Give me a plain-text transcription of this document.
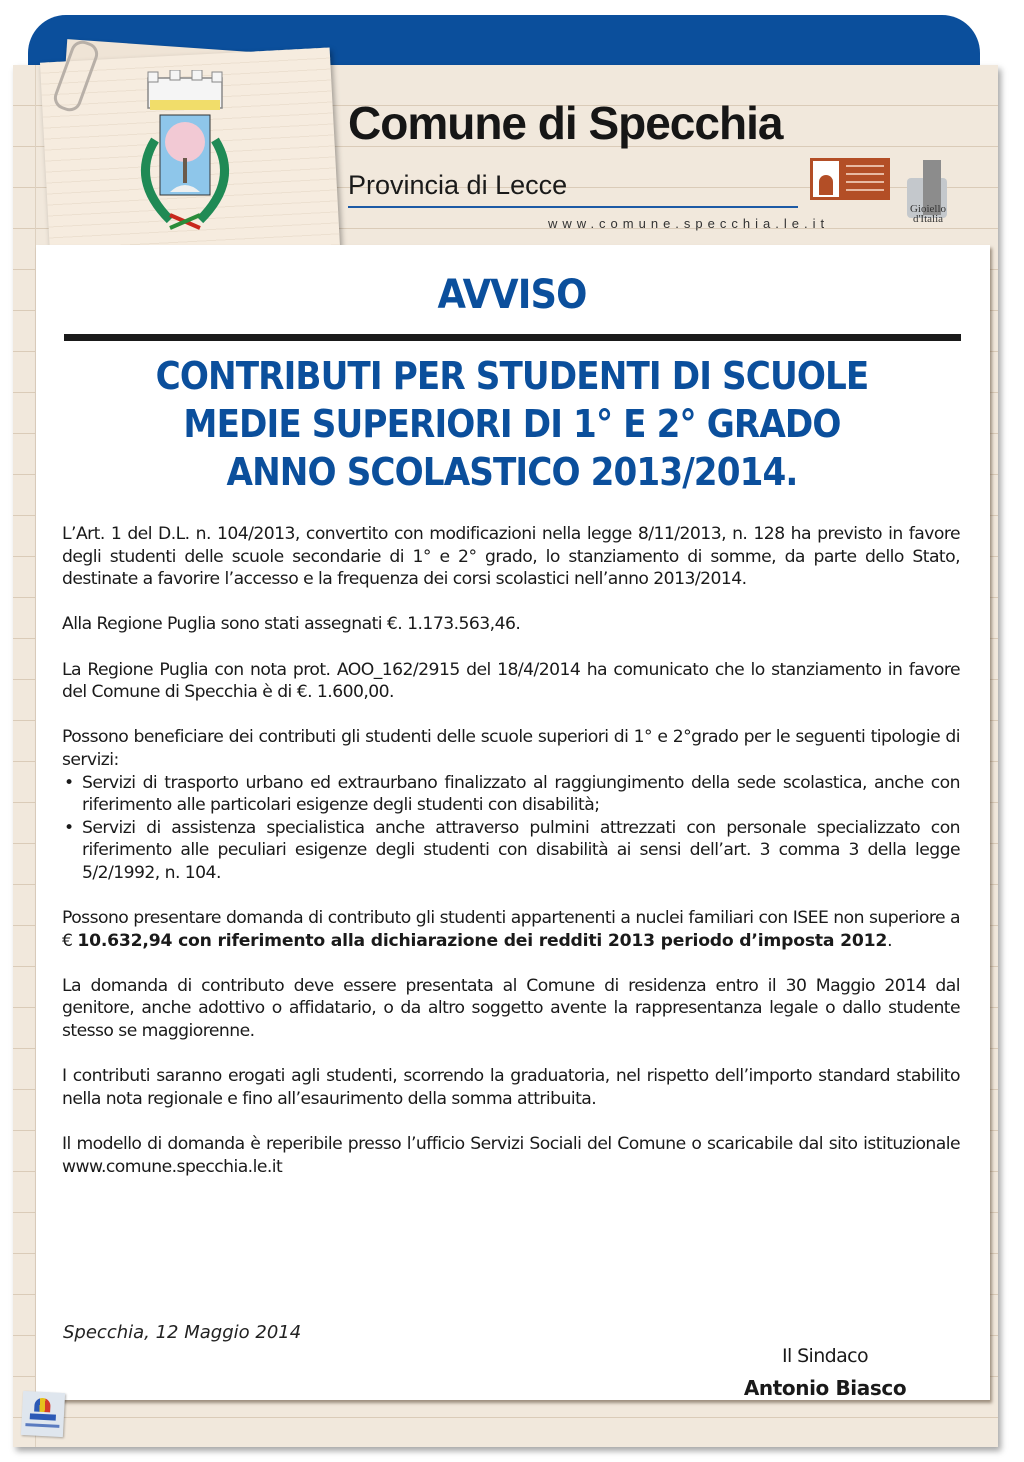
Comune di Specchia
Provincia di Lecce
www.comune.specchia.le.it
Gioiello d'Italia
AVVISO
CONTRIBUTI PER STUDENTI DI SCUOLE
MEDIE SUPERIORI DI 1° E 2° GRADO
ANNO SCOLASTICO 2013/2014.

L’Art. 1 del D.L. n. 104/2013, convertito con modificazioni nella legge 8/11/2013, n. 128 ha previsto in favore degli studenti delle scuole secondarie di 1° e 2° grado, lo stanziamento di somme, da parte dello Stato, destinate a favorire l’accesso e la frequenza dei corsi scolastici nell’anno 2013/2014.

Alla Regione Puglia sono stati assegnati €. 1.173.563,46.

La Regione Puglia con nota prot. AOO_162/2915 del 18/4/2014 ha comunicato che lo stanziamento in favore del Comune di Specchia è di €. 1.600,00.

Possono beneficiare dei contributi gli studenti delle scuole superiori di 1° e 2°grado per le seguenti tipologie di servizi:

• Servizi di trasporto urbano ed extraurbano finalizzato al raggiungimento della sede scolastica, anche con riferimento alle particolari esigenze degli studenti con disabilità;
• Servizi di assistenza specialistica anche attraverso pulmini attrezzati con personale specializzato con riferimento alle peculiari esigenze degli studenti con disabilità ai sensi dell’art. 3 comma 3 della legge 5/2/1992, n. 104.

Possono presentare domanda di contributo gli studenti appartenenti a nuclei familiari con ISEE non superiore a € 10.632,94 con riferimento alla dichiarazione dei redditi 2013 periodo d’imposta 2012.

La domanda di contributo deve essere presentata al Comune di residenza entro il 30 Maggio 2014 dal genitore, anche adottivo o affidatario, o da altro soggetto avente la rappresentanza legale o dallo studente stesso se maggiorenne.

I contributi saranno erogati agli studenti, scorrendo la graduatoria, nel rispetto dell’importo standard stabilito nella nota regionale e fino all’esaurimento della somma attribuita.

Il modello di domanda è reperibile presso l’ufficio Servizi Sociali del Comune o scaricabile dal sito istituzionale www.comune.specchia.le.it

Specchia, 12 Maggio 2014
Il Sindaco
Antonio Biasco
